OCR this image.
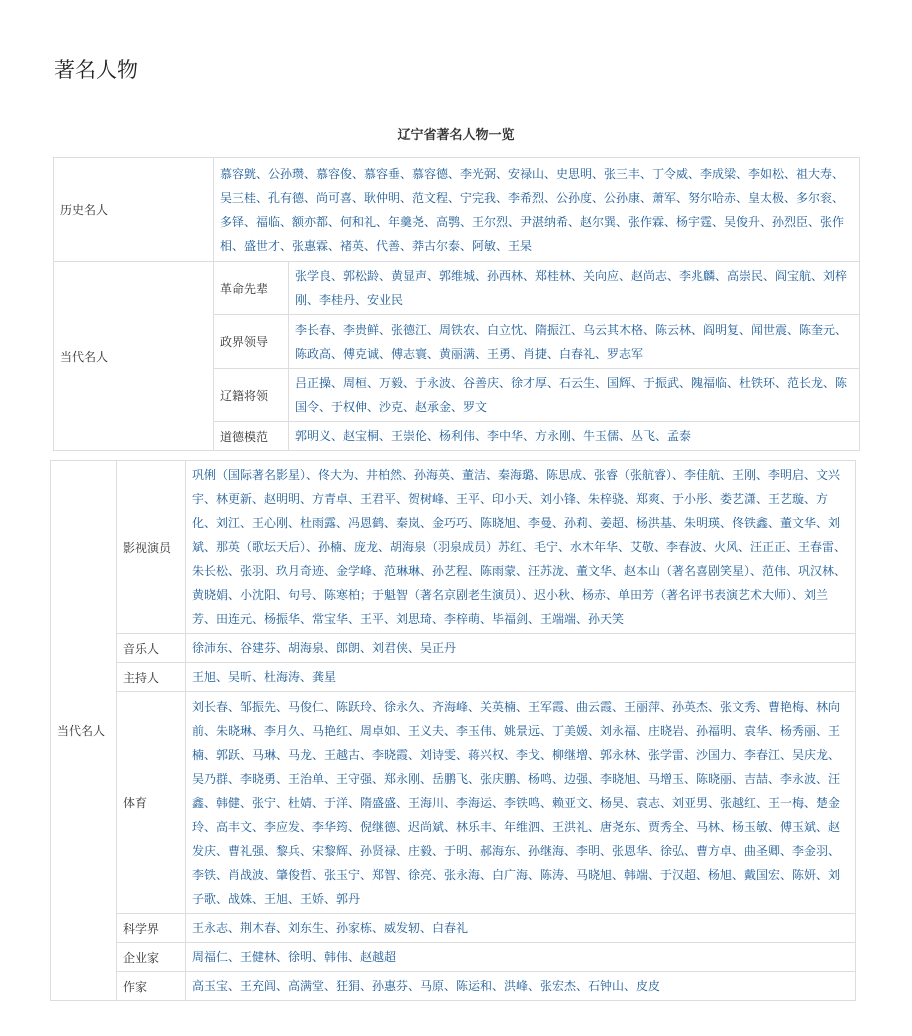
著名人物
辽宁省著名人物一览
历史名人	慕容皝、公孙瓒、慕容俊、慕容垂、慕容德、李光弼、安禄山、史思明、张三丰、丁令威、李成梁、李如松、祖大寿、吴三桂、孔有德、尚可喜、耿仲明、范文程、宁完我、李希烈、公孙度、公孙康、萧军、努尔哈赤、皇太极、多尔衮、多铎、福临、额亦都、何和礼、年羹尧、高鹗、王尔烈、尹湛纳希、赵尔巽、张作霖、杨宇霆、吴俊升、孙烈臣、张作相、盛世才、张惠霖、褚英、代善、莽古尔泰、阿敏、王杲	
当代名人	革命先辈	张学良、郭松龄、黄显声、郭维城、孙西林、郑桂林、关向应、赵尚志、李兆麟、高崇民、阎宝航、刘梓刚、李桂丹、安业民
	政界领导	李长春、李贵鲜、张德江、周铁农、白立忱、隋振江、乌云其木格、陈云林、阎明复、闻世震、陈奎元、陈政高、傅克诚、傅志寰、黄丽满、王勇、肖捷、白春礼、罗志军
	辽籍将领	吕正操、周桓、万毅、于永波、谷善庆、徐才厚、石云生、国辉、于振武、隗福临、杜铁环、范长龙、陈国令、于权伸、沙克、赵承金、罗文
	道德模范	郭明义、赵宝桐、王崇伦、杨利伟、李中华、方永刚、牛玉儒、丛飞、孟泰
当代名人	影视演员	巩俐（国际著名影星）、佟大为、井柏然、孙海英、董洁、秦海璐、陈思成、张睿（张航睿）、李佳航、王刚、李明启、文兴宇、林更新、赵明明、方青卓、王君平、贺树峰、王平、印小天、刘小锋、朱梓骁、郑爽、于小彤、娄艺潇、王艺璇、方化、刘江、王心刚、杜雨露、冯恩鹤、秦岚、金巧巧、陈晓旭、李曼、孙莉、姜超、杨洪基、朱明瑛、佟铁鑫、董文华、刘斌、那英（歌坛天后）、孙楠、庞龙、胡海泉（羽泉成员）苏红、毛宁、水木年华、艾敬、李春波、火风、汪正正、王春雷、朱长松、张羽、玖月奇迹、金学峰、范琳琳、孙艺程、陈雨蒙、汪苏泷、董文华、赵本山（著名喜剧笑星）、范伟、巩汉林、黄晓娟、小沈阳、句号、陈寒柏；于魁智（著名京剧老生演员）、迟小秋、杨赤、单田芳（著名评书表演艺术大师）、刘兰芳、田连元、杨振华、常宝华、王平、刘思琦、李梓萌、毕福剑、王端端、孙天笑
	音乐人	徐沛东、谷建芬、胡海泉、郎朗、刘君侠、吴正丹
	主持人	王旭、吴昕、杜海涛、龚星
	体育	刘长春、邹振先、马俊仁、陈跃玲、徐永久、齐海峰、关英楠、王军霞、曲云霞、王丽萍、孙英杰、张文秀、曹艳梅、林向前、朱晓琳、李月久、马艳红、周卓如、王义夫、李玉伟、姚景远、丁美媛、刘永福、庄晓岩、孙福明、袁华、杨秀丽、王楠、郭跃、马琳、马龙、王越古、李晓霞、刘诗雯、蒋兴权、李戈、柳继增、郭永林、张学雷、沙国力、李春江、吴庆龙、吴乃群、李晓勇、王治单、王守强、郑永刚、岳鹏飞、张庆鹏、杨鸣、边强、李晓旭、马增玉、陈晓丽、吉喆、李永波、汪鑫、韩健、张宁、杜婧、于洋、隋盛盛、王海川、李海运、李铁鸣、赖亚文、杨昊、袁志、刘亚男、张越红、王一梅、楚金玲、高丰文、李应发、李华筠、倪继德、迟尚斌、林乐丰、年维泗、王洪礼、唐尧东、贾秀全、马林、杨玉敏、傅玉斌、赵发庆、曹礼强、黎兵、宋黎辉、孙贤禄、庄毅、于明、郝海东、孙继海、李明、张恩华、徐弘、曹方卓、曲圣卿、李金羽、李铁、肖战波、肇俊哲、张玉宁、郑智、徐亮、张永海、白广海、陈涛、马晓旭、韩端、于汉超、杨旭、戴国宏、陈妍、刘子歌、战姝、王旭、王娇、郭丹
	科学界	王永志、荆木春、刘东生、孙家栋、威发轫、白春礼
	企业家	周福仁、王健林、徐明、韩伟、赵越超
	作家	高玉宝、王充闾、高满堂、狂狷、孙惠芬、马原、陈运和、洪峰、张宏杰、石钟山、皮皮
